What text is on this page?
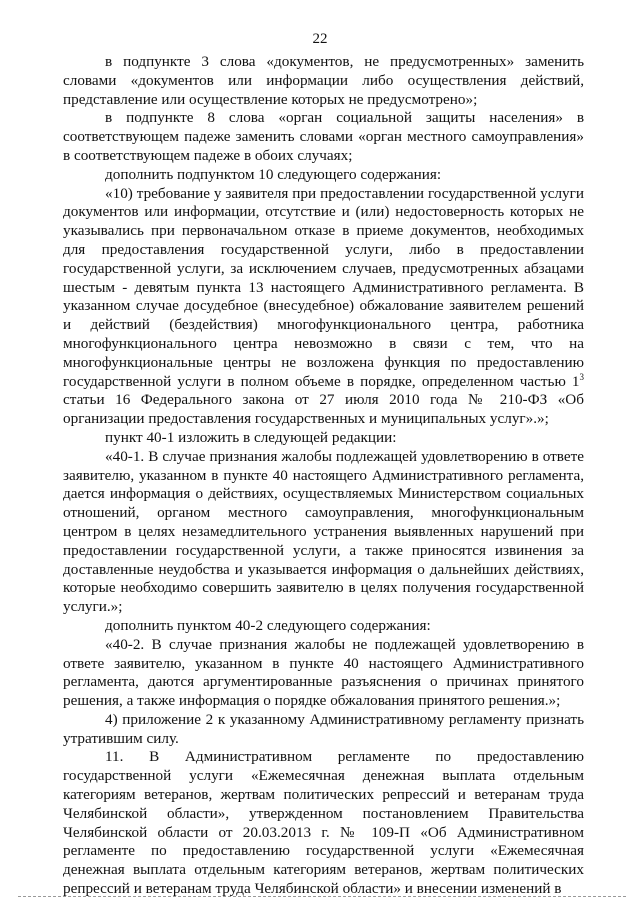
22

в подпункте 3 слова «документов, не предусмотренных» заменить словами «документов или информации либо осуществления действий, представление или осуществление которых не предусмотрено»;

в подпункте 8 слова «орган социальной защиты населения» в соответствующем падеже заменить словами «орган местного самоуправления» в соответствующем падеже в обоих случаях;

дополнить подпунктом 10 следующего содержания:

«10) требование у заявителя при предоставлении государственной услуги документов или информации, отсутствие и (или) недостоверность которых не указывались при первоначальном отказе в приеме документов, необходимых для предоставления государственной услуги, либо в предоставлении государственной услуги, за исключением случаев, предусмотренных абзацами шестым - девятым пункта 13 настоящего Административного регламента. В указанном случае досудебное (внесудебное) обжалование заявителем решений и действий (бездействия) многофункционального центра, работника многофункционального центра невозможно в связи с тем, что на многофункциональные центры не возложена функция по предоставлению государственной услуги в полном объеме в порядке, определенном частью $1^3$ статьи 16 Федерального закона от 27 июля 2010 года № 210-ФЗ «Об организации предоставления государственных и муниципальных услуг».»;

пункт 40-1 изложить в следующей редакции:

«40-1. В случае признания жалобы подлежащей удовлетворению в ответе заявителю, указанном в пункте 40 настоящего Административного регламента, дается информация о действиях, осуществляемых Министерством социальных отношений, органом местного самоуправления, многофункциональным центром в целях незамедлительного устранения выявленных нарушений при предоставлении государственной услуги, а также приносятся извинения за доставленные неудобства и указывается информация о дальнейших действиях, которые необходимо совершить заявителю в целях получения государственной услуги.»;

дополнить пунктом 40-2 следующего содержания:

«40-2. В случае признания жалобы не подлежащей удовлетворению в ответе заявителю, указанном в пункте 40 настоящего Административного регламента, даются аргументированные разъяснения о причинах принятого решения, а также информация о порядке обжалования принятого решения.»;

4) приложение 2 к указанному Административному регламенту признать утратившим силу.

11. В Административном регламенте по предоставлению государственной услуги «Ежемесячная денежная выплата отдельным категориям ветеранов, жертвам политических репрессий и ветеранам труда Челябинской области», утвержденном постановлением Правительства Челябинской области от 20.03.2013 г. № 109-П «Об Административном регламенте по предоставлению государственной услуги «Ежемесячная денежная выплата отдельным категориям ветеранов, жертвам политических репрессий и ветеранам труда Челябинской области» и внесении изменений в
